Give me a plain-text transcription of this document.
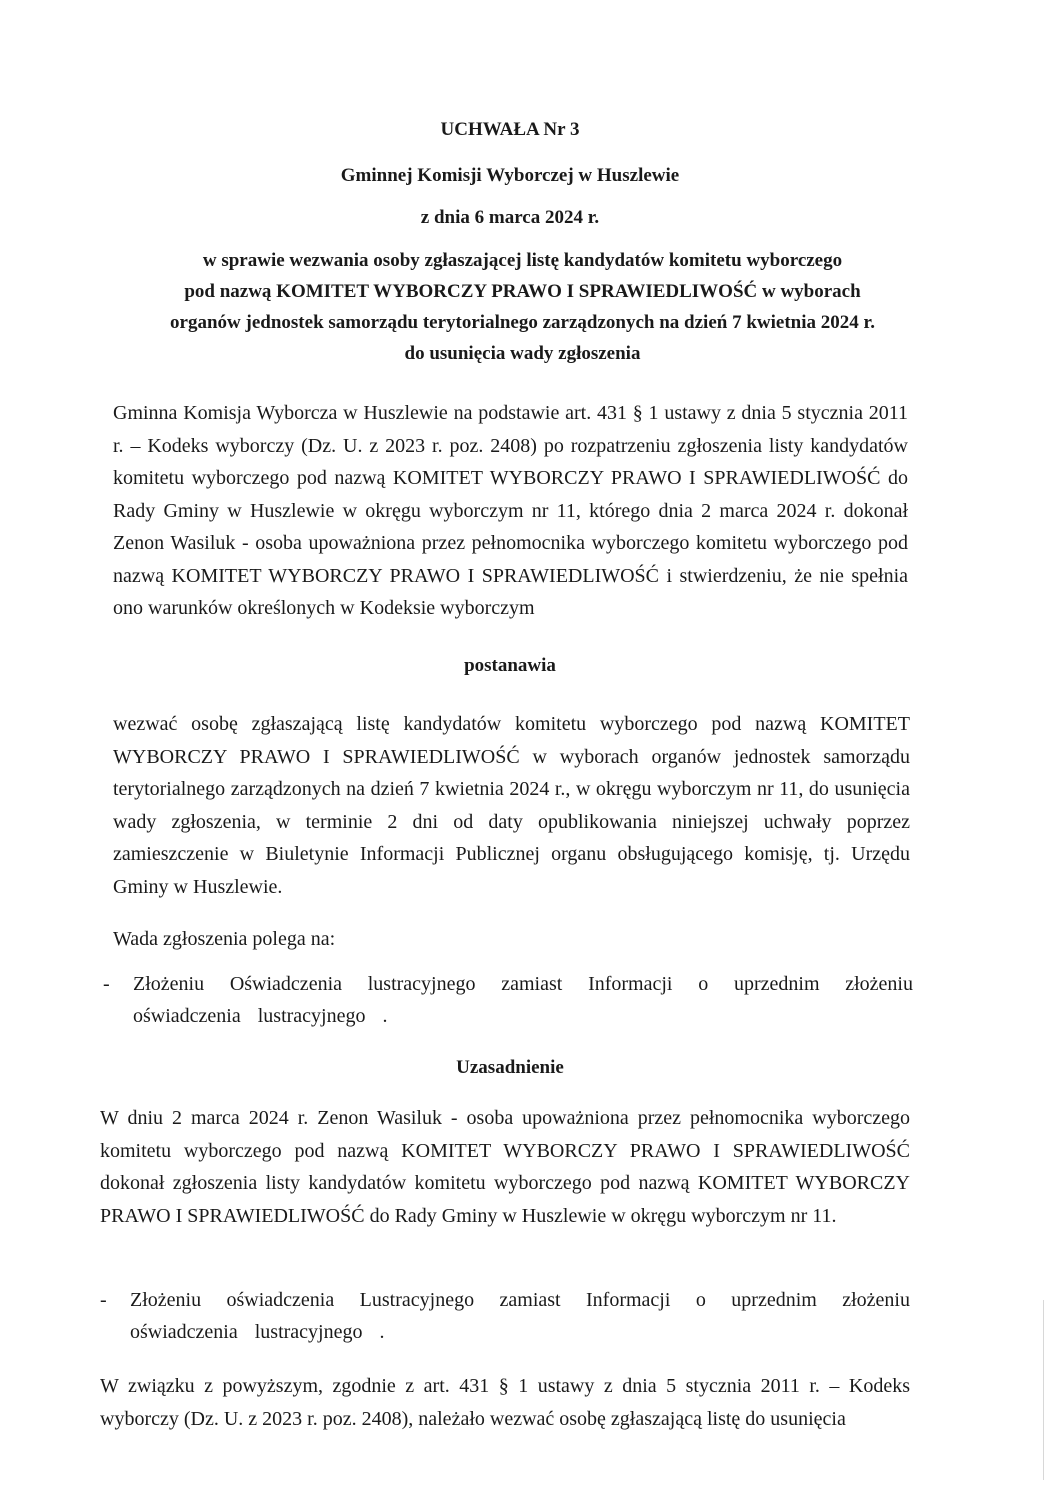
UCHWAŁA Nr 3
Gminnej Komisji Wyborczej w Huszlewie
z dnia 6 marca 2024 r.
w sprawie wezwania osoby zgłaszającej listę kandydatów komitetu wyborczego
pod nazwą KOMITET WYBORCZY PRAWO I SPRAWIEDLIWOŚĆ w wyborach
organów jednostek samorządu terytorialnego zarządzonych na dzień 7 kwietnia 2024 r.
do usunięcia wady zgłoszenia
Gminna Komisja Wyborcza w Huszlewie na podstawie art. 431 § 1 ustawy z dnia 5 stycznia 2011 r. – Kodeks wyborczy (Dz. U. z 2023 r. poz. 2408) po rozpatrzeniu zgłoszenia listy kandydatów komitetu wyborczego pod nazwą KOMITET WYBORCZY PRAWO I SPRAWIEDLIWOŚĆ do Rady Gminy w Huszlewie w okręgu wyborczym nr 11, którego dnia 2 marca 2024 r. dokonał Zenon Wasiluk - osoba upoważniona przez pełnomocnika wyborczego komitetu wyborczego pod nazwą KOMITET WYBORCZY PRAWO I SPRAWIEDLIWOŚĆ i stwierdzeniu, że nie spełnia ono warunków określonych w Kodeksie wyborczym
postanawia
wezwać osobę zgłaszającą listę kandydatów komitetu wyborczego pod nazwą KOMITET WYBORCZY PRAWO I SPRAWIEDLIWOŚĆ w wyborach organów jednostek samorządu terytorialnego zarządzonych na dzień 7 kwietnia 2024 r., w okręgu wyborczym nr 11, do usunięcia wady zgłoszenia, w terminie 2 dni od daty opublikowania niniejszej uchwały poprzez zamieszczenie w Biuletynie Informacji Publicznej organu obsługującego komisję, tj. Urzędu Gminy w Huszlewie.
Wada zgłoszenia polega na:
- Złożeniu Oświadczenia lustracyjnego zamiast Informacji o uprzednim złożeniu oświadczenia lustracyjnego .
Uzasadnienie
W dniu 2 marca 2024 r. Zenon Wasiluk - osoba upoważniona przez pełnomocnika wyborczego komitetu wyborczego pod nazwą KOMITET WYBORCZY PRAWO I SPRAWIEDLIWOŚĆ dokonał zgłoszenia listy kandydatów komitetu wyborczego pod nazwą KOMITET WYBORCZY PRAWO I SPRAWIEDLIWOŚĆ do Rady Gminy w Huszlewie w okręgu wyborczym nr 11.
- Złożeniu oświadczenia Lustracyjnego zamiast Informacji o uprzednim złożeniu oświadczenia lustracyjnego .
W związku z powyższym, zgodnie z art. 431 § 1 ustawy z dnia 5 stycznia 2011 r. – Kodeks wyborczy (Dz. U. z 2023 r. poz. 2408), należało wezwać osobę zgłaszającą listę do usunięcia
